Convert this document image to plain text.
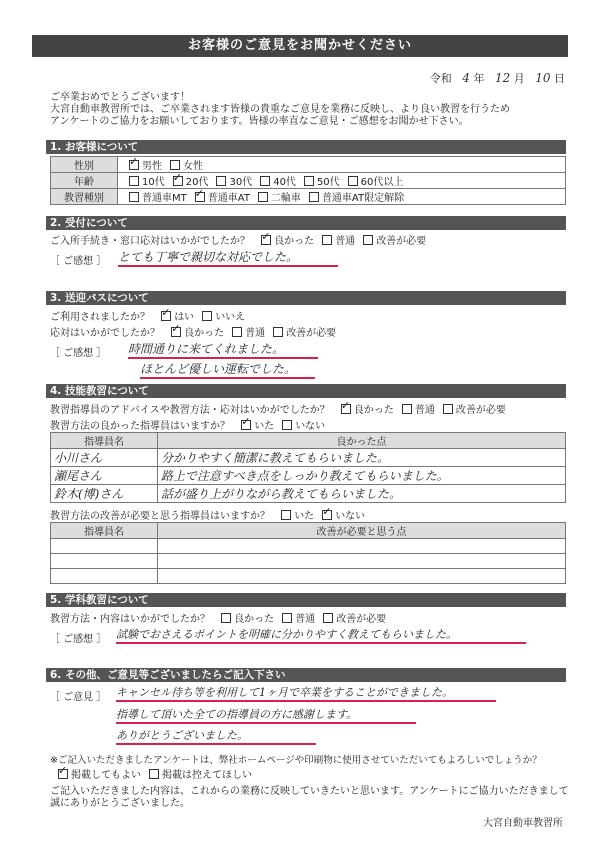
お客様のご意見をお聞かせください
令和 4 年 12 月 10 日
ご卒業おめでとうございます！
大宮自動車教習所では、ご卒業されます皆様の貴重なご意見を業務に反映し、より良い教習を行うため
アンケートのご協力をお願いしております。皆様の率直なご意見・ご感想をお聞かせ下さい。
1. お客様について
性別	✓男性 女性
年齢	10代 ✓ 20代 30代 40代 50代 60代以上
教習種別	普通車MT ✓ 普通車AT 二輪車 普通車AT限定解除
2. 受付について
ご入所手続き・窓口応対はいかがでしたか？ ✓ 良かった 普通 改善が必要
［ ご感想 ］ とても丁寧で親切な対応でした。
3. 送迎バスについて
ご利用されましたか？ ✓ はい いいえ
応対はいかがでしたか？ ✓ 良かった 普通 改善が必要
［ ご感想 ］ 時間通りに来てくれました。
ほとんど優しい運転でした。
4. 技能教習について
教習指導員のアドバイスや教習方法・応対はいかがでしたか？ ✓ 良かった 普通 改善が必要
教習方法の良かった指導員はいますか？ ✓ いた いない
指導員名	良かった点
小川さん	分かりやすく簡潔に教えてもらいました。
瀬尾さん	路上で注意すべき点をしっかり教えてもらいました。
鈴木(博)さん	話が盛り上がりながら教えてもらいました。
教習方法の改善が必要と思う指導員はいますか？ いた ✓ いない
指導員名	改善が必要と思う点

5. 学科教習について
教習方法・内容はいかがでしたか？ 良かった 普通 改善が必要
［ ご感想 ］ 試験でおさえるポイントを明確に分かりやすく教えてもらいました。
6. その他、ご意見等ございましたらご記入下さい
［ ご意見 ］ キャンセル待ち等を利用して1ヶ月で卒業をすることができました。
指導して頂いた全ての指導員の方に感謝します。
ありがとうございました。
※ご記入いただきましたアンケートは、弊社ホームページや印刷物に使用させていただいてもよろしいでしょうか？
✓掲載してもよい 掲載は控えてほしい
ご記入いただきました内容は、これからの業務に反映していきたいと思います。アンケートにご協力いただきまして
誠にありがとうございました。
大宮自動車教習所
